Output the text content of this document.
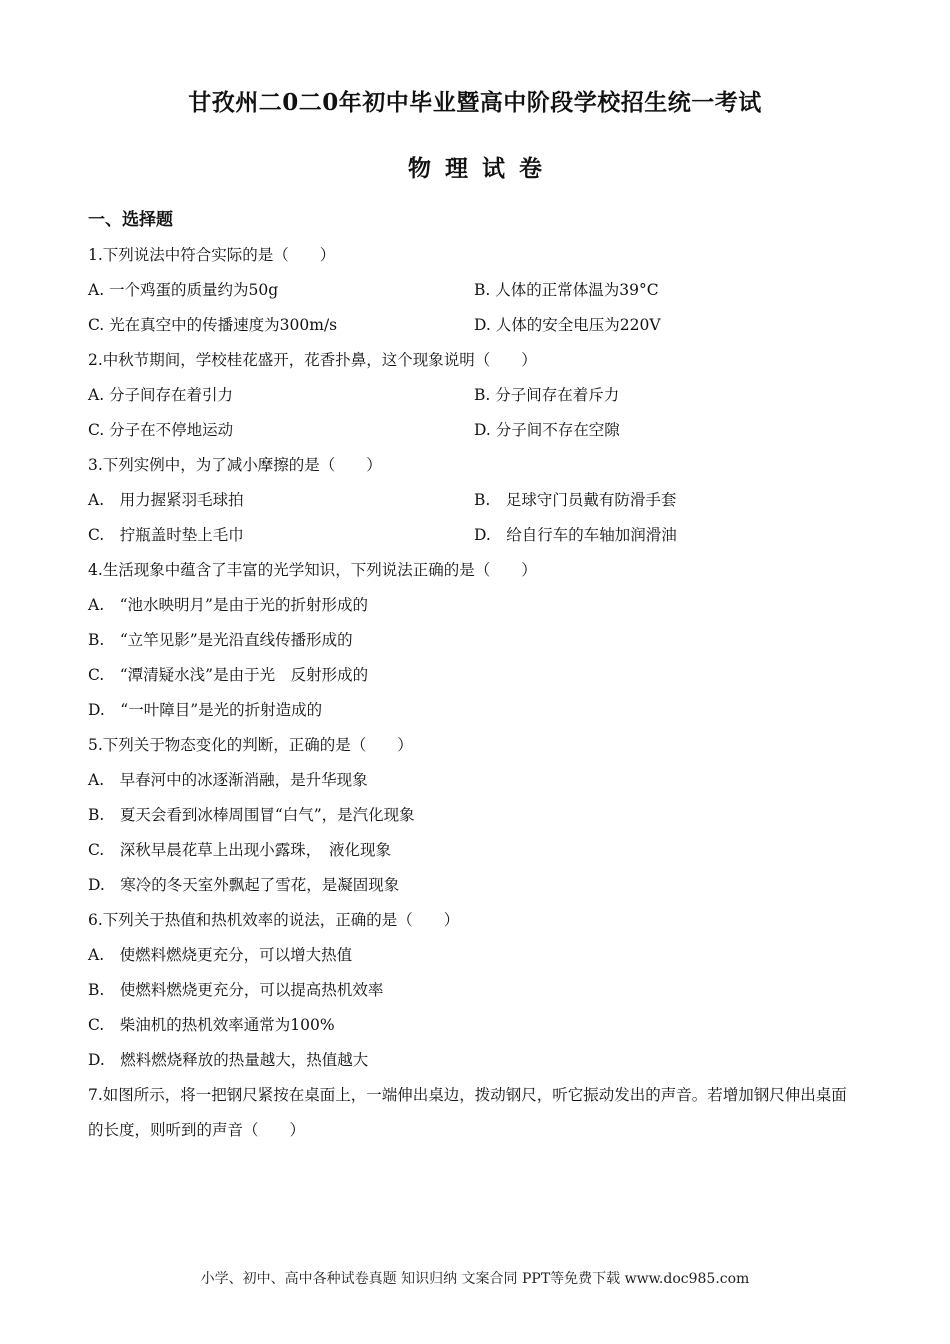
甘孜州二0二0年初中毕业暨高中阶段学校招生统一考试
物理试卷
一、选择题
1.下列说法中符合实际的是（　　）
A. 一个鸡蛋的质量约为50g	B. 人体的正常体温为39°C
C. 光在真空中的传播速度为300m/s	D. 人体的安全电压为220V
2.中秋节期间，学校桂花盛开，花香扑鼻，这个现象说明（　　）
A. 分子间存在着引力	B. 分子间存在着斥力
C. 分子在不停地运动	D. 分子间不存在空隙
3.下列实例中，为了减小摩擦的是（　　）
A.　用力握紧羽毛球拍	B.　足球守门员戴有防滑手套
C.　拧瓶盖时垫上毛巾	D.　给自行车的车轴加润滑油
4.生活现象中蕴含了丰富的光学知识，下列说法正确的是（　　）
A.　“池水映明月”是由于光的折射形成的
B.　“立竿见影”是光沿直线传播形成的
C.　“潭清疑水浅”是由于光　反射形成的
D.　“一叶障目”是光的折射造成的
5.下列关于物态变化的判断，正确的是（　　）
A.　早春河中的冰逐渐消融，是升华现象
B.　夏天会看到冰棒周围冒“白气”，是汽化现象
C.　深秋早晨花草上出现小露珠，　液化现象
D.　寒冷的冬天室外飘起了雪花，是凝固现象
6.下列关于热值和热机效率的说法，正确的是（　　）
A.　使燃料燃烧更充分，可以增大热值
B.　使燃料燃烧更充分，可以提高热机效率
C.　柴油机的热机效率通常为100%
D.　燃料燃烧释放的热量越大，热值越大
7.如图所示，将一把钢尺紧按在桌面上，一端伸出桌边，拨动钢尺，听它振动发出的声音。若增加钢尺伸出桌面的长度，则听到的声音（　　）
小学、初中、高中各种试卷真题 知识归纳 文案合同 PPT等免费下载 www.doc985.com
